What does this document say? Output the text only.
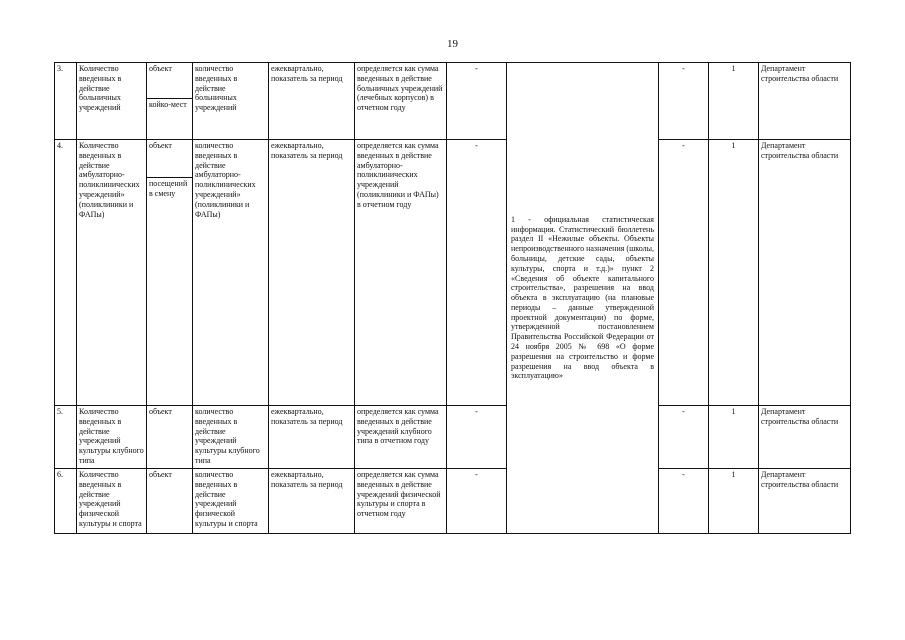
19
3.	Количество введенных в действие больничных учреждений	объект	количество введенных в действие больничных учреждений	ежеквартально, показатель за период	определяется как сумма введенных в действие больничных учреждений (лечебных корпусов) в отчетном году	-	1 - официальная статистическая информация. Статистический бюллетень раздел II «Нежилые объекты. Объекты непроизводственного назначения (школы, больницы, детские сады, объекты культуры, спорта и т.д.)» пункт 2 «Сведения об объекте капитального строительства», разрешения на ввод объекта в эксплуатацию (на плановые периоды – данные утвержденной проектной документации) по форме, утвержденной постановлением Правительства Российской Федерации от 24 ноября 2005 № 698 «О форме разрешения на строительство и форме разрешения на ввод объекта в эксплуатацию»	-	1	Департамент строительства области
		койко-мест								
4.	Количество введенных в действие амбулаторно-поликлинических учреждений» (поликлиники и ФАПы)	объект	количество введенных в действие амбулаторно-поликлинических учреждений» (поликлиники и ФАПы)	ежеквартально, показатель за период	определяется как сумма введенных в действие амбулаторно-поликлинических учреждений (поликлиники и ФАПы) в отчетном году	-		-	1	Департамент строительства области
		посещений в смену								
5.	Количество введенных в действие учреждений культуры клубного типа	объект	количество введенных в действие учреждений культуры клубного типа	ежеквартально, показатель за период	определяется как сумма введенных в действие учреждений клубного типа в отчетном году	-		-	1	Департамент строительства области
6.	Количество введенных в действие учреждений физической культуры и спорта	объект	количество введенных в действие учреждений физической культуры и спорта	ежеквартально, показатель за период	определяется как сумма введенных в действие учреждений физической культуры и спорта в отчетном году	-		-	1	Департамент строительства области
